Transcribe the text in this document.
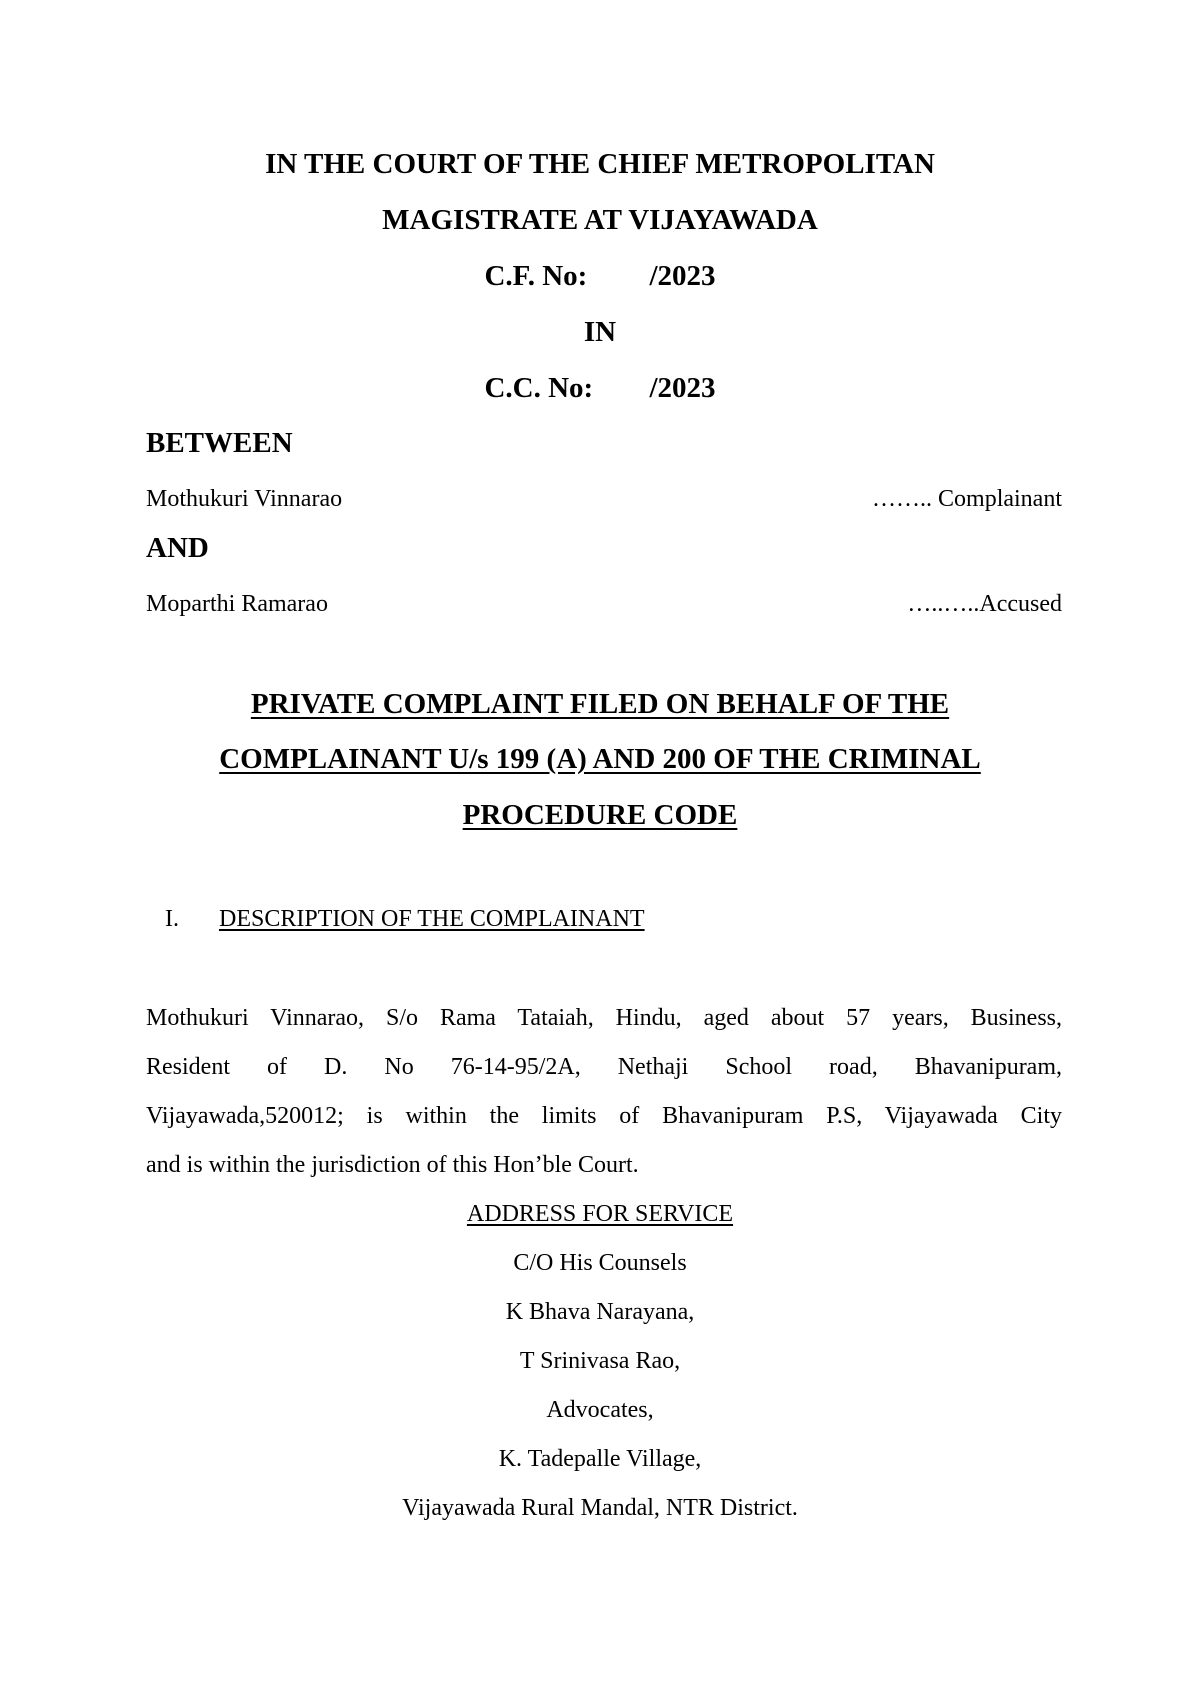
IN THE COURT OF THE CHIEF METROPOLITAN
MAGISTRATE AT VIJAYAWADA
C.F. No: /2023
IN
C.C. No: /2023
BETWEEN
Mothukuri Vinnarao	…….. Complainant
AND
Moparthi Ramarao	…..…..Accused
PRIVATE COMPLAINT FILED ON BEHALF OF THE
COMPLAINANT U/s 199 (A) AND 200 OF THE CRIMINAL
PROCEDURE CODE
I. DESCRIPTION OF THE COMPLAINANT
Mothukuri Vinnarao, S/o Rama Tataiah, Hindu, aged about 57 years, Business,
Resident of D. No 76-14-95/2A, Nethaji School road, Bhavanipuram,
Vijayawada,520012; is within the limits of Bhavanipuram P.S, Vijayawada City
and is within the jurisdiction of this Hon’ble Court.
ADDRESS FOR SERVICE
C/O His Counsels
K Bhava Narayana,
T Srinivasa Rao,
Advocates,
K. Tadepalle Village,
Vijayawada Rural Mandal, NTR District.
